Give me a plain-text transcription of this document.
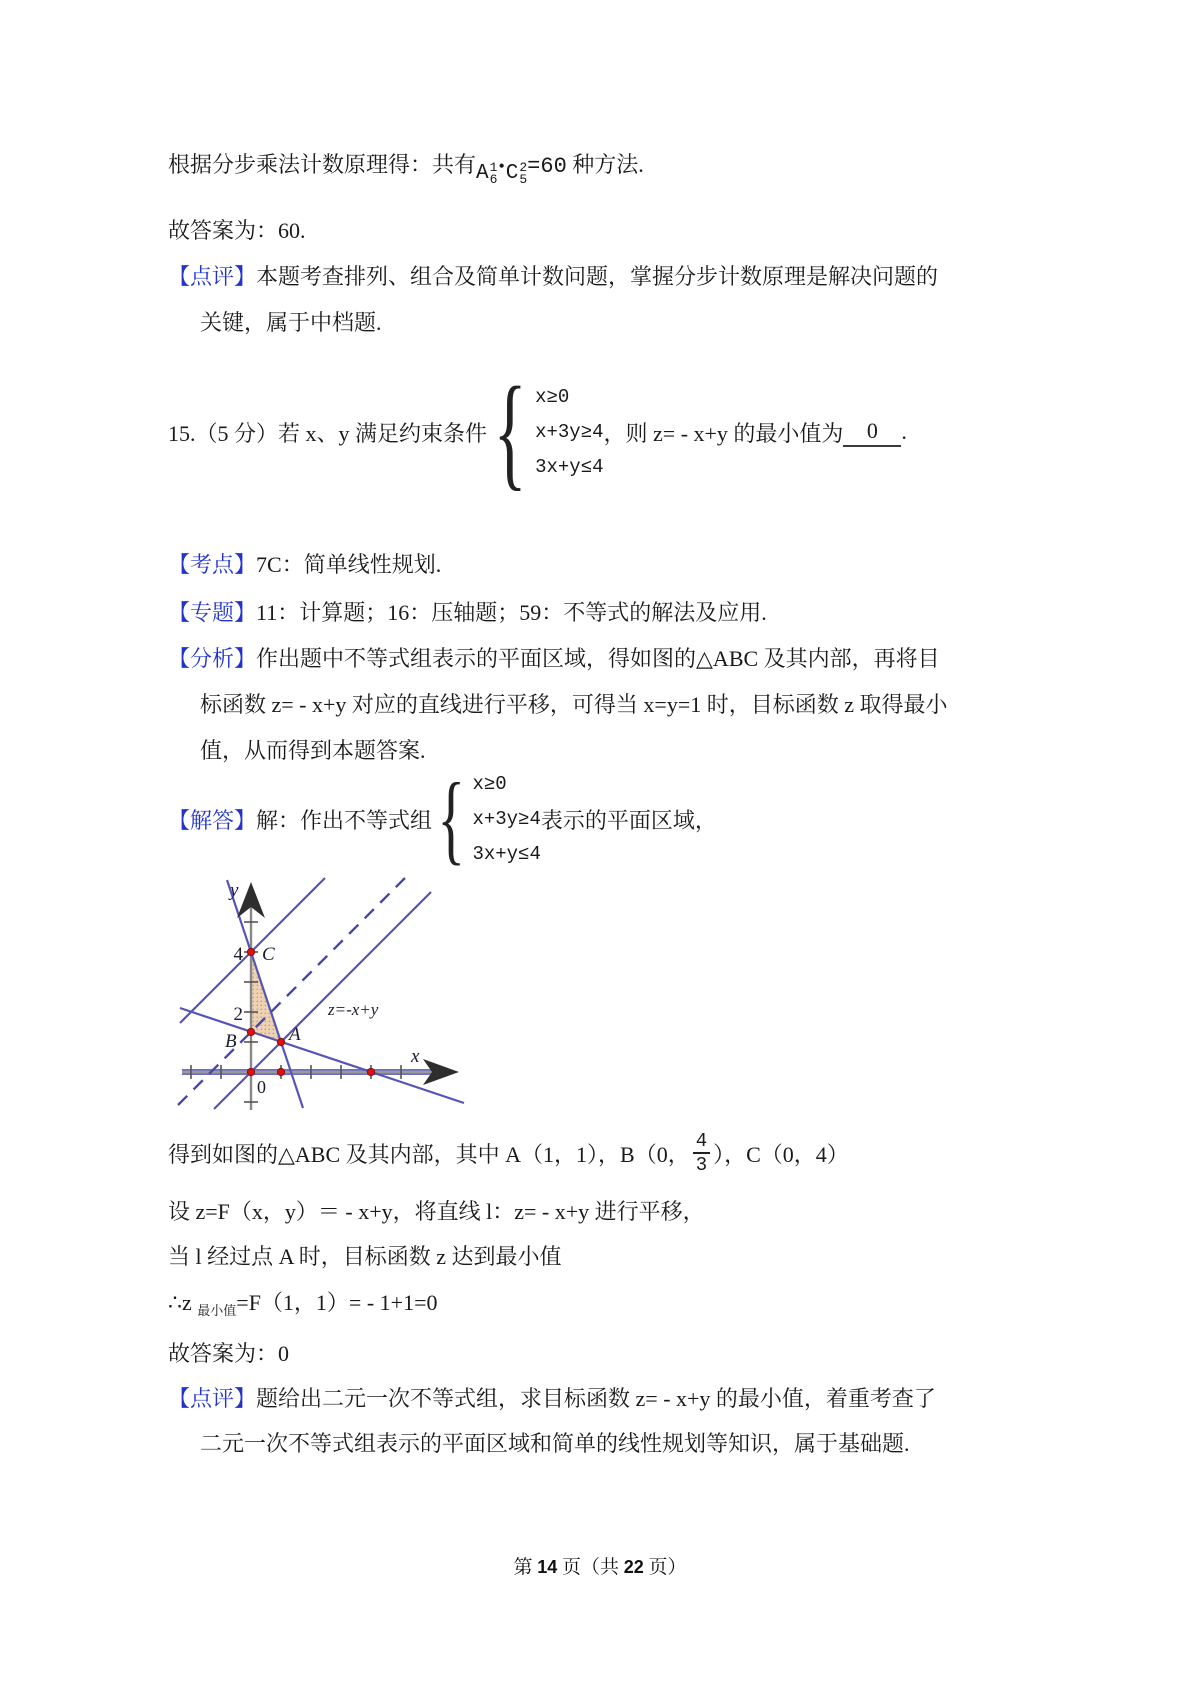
根据分步乘法计数原理得：共有 A 1
6
• C 2
5 =60 种方法.
故答案为：60.
【点评】本题考查排列、组合及简单计数问题，掌握分步计数原理是解决问题的
关键，属于中档题.
15.（5 分）若 x、y 满足约束条件 { x≥0
x+3y≥4
3x+y≤4
，则 z= - x+y 的最小值为	0	.
【考点】7C：简单线性规划.
【专题】11：计算题；16：压轴题；59：不等式的解法及应用.
【分析】作出题中不等式组表示的平面区域，得如图的△ABC 及其内部，再将目
标函数 z= - x+y 对应的直线进行平移，可得当 x=y=1 时，目标函数 z 取得最小
值，从而得到本题答案.
【解答】 解：作出不等式组 { x≥0
x+3y≥4
3x+y≤4
表示的平面区域，
y
x
4
2
0
C
B	A
z=-x+y
得到如图的△ABC 及其内部，其中 A（1，1），B（0， $\frac{4}{3}$ ），C（0，4）
设 z=F（x，y）＝ - x+y，将直线 l：z= - x+y 进行平移，
当 l 经过点 A 时，目标函数 z 达到最小值
∴z $_{最小值}$=F（1，1）= - 1+1=0
故答案为：0
【点评】题给出二元一次不等式组，求目标函数 z= - x+y 的最小值，着重考查了
二元一次不等式组表示的平面区域和简单的线性规划等知识，属于基础题.
第 14 页（共 22 页）
